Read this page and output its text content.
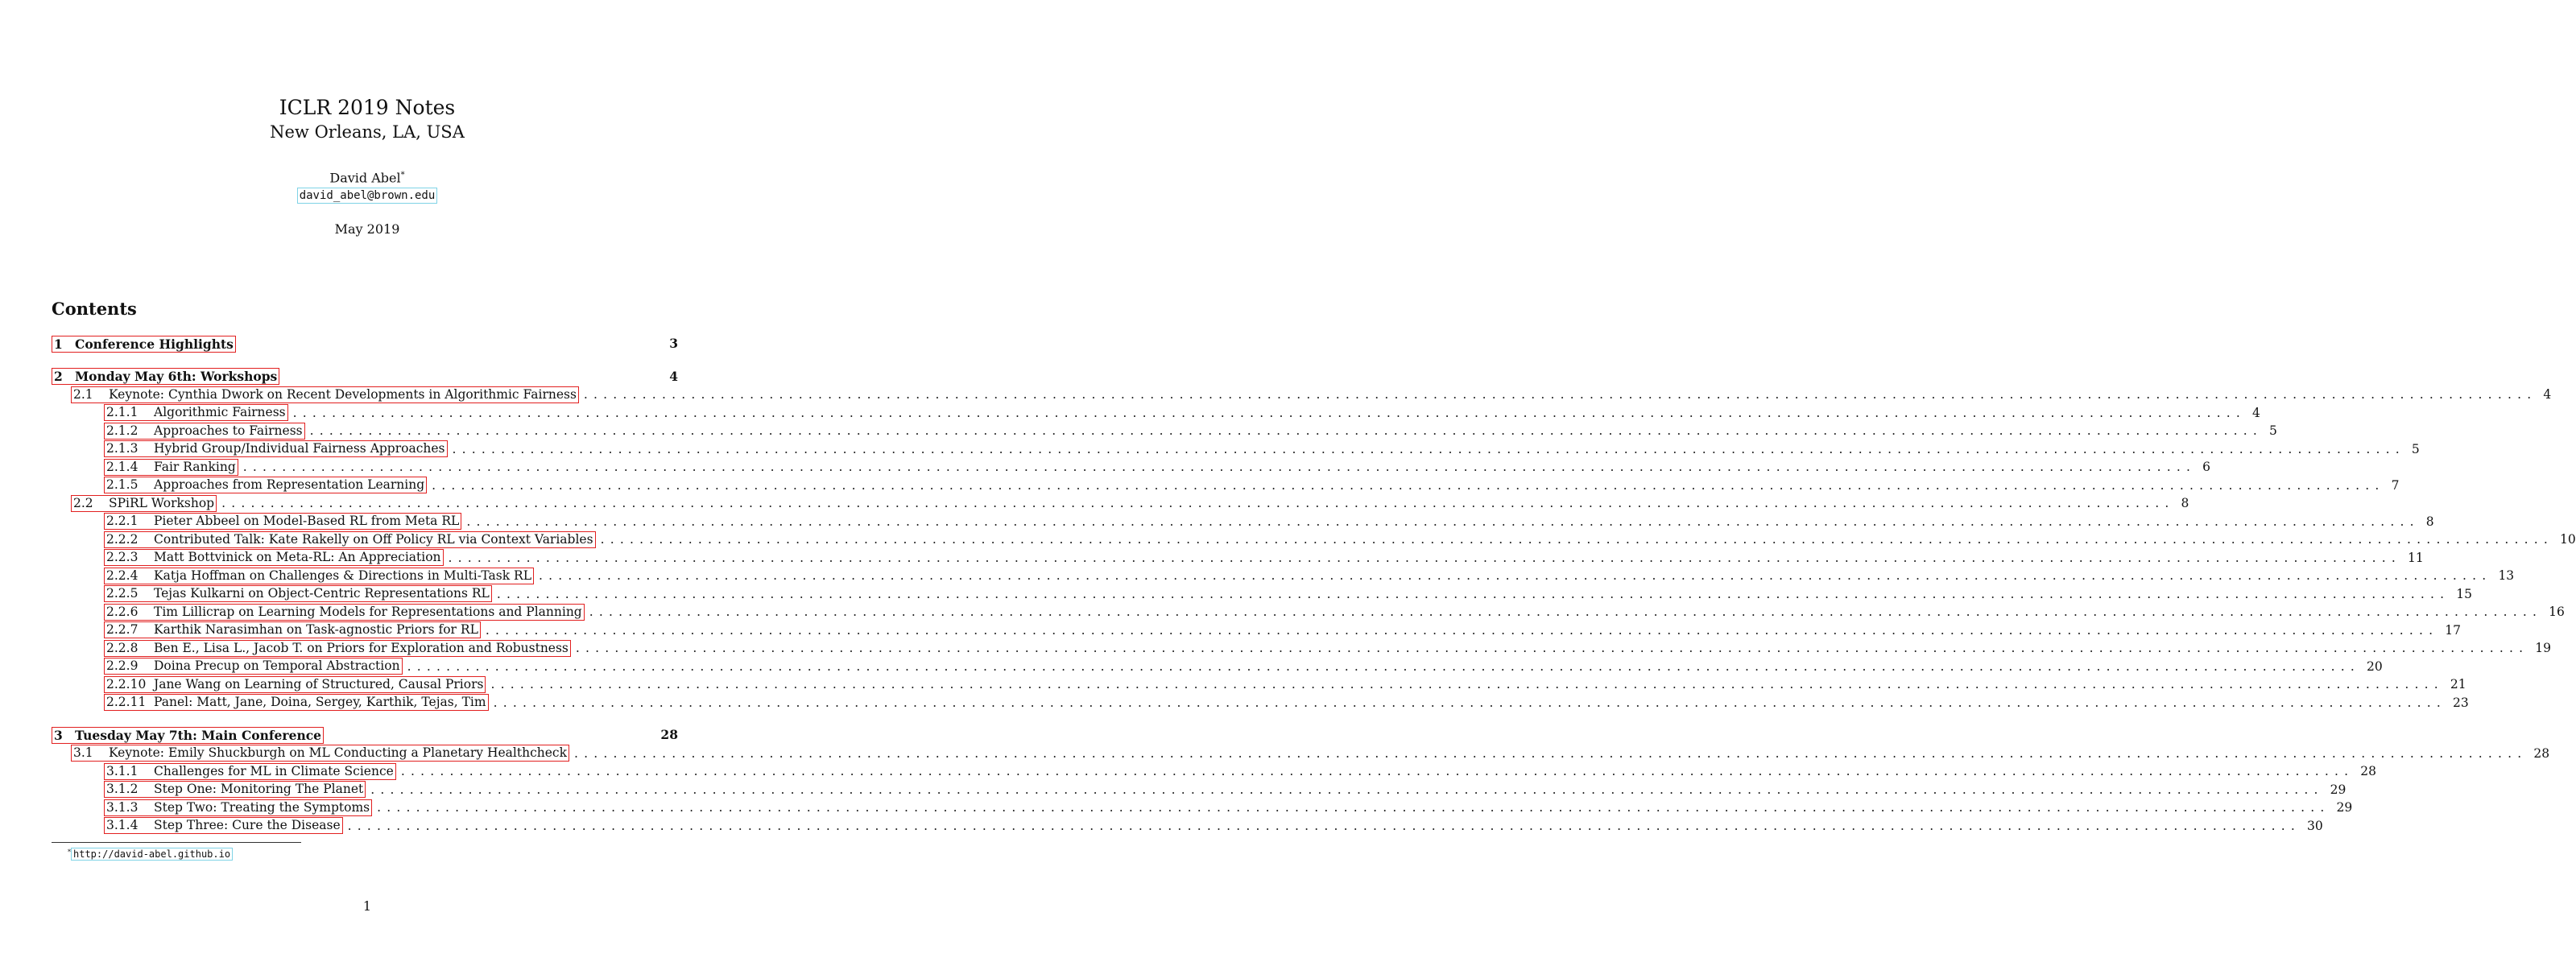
ICLR 2019 Notes
New Orleans, LA, USA
David Abel*
david_abel@brown.edu
May 2019
Contents
1 Conference Highlights	3
2 Monday May 6th: Workshops	4
2.1	Keynote: Cynthia Dwork on Recent Developments in Algorithmic Fairness ........................................................................................................................................................................................................ 4
2.1.1	Algorithmic Fairness ........................................................................................................................................................................................................ 4
2.1.2	Approaches to Fairness ........................................................................................................................................................................................................ 5
2.1.3	Hybrid Group/Individual Fairness Approaches ........................................................................................................................................................................................................ 5
2.1.4	Fair Ranking ........................................................................................................................................................................................................ 6
2.1.5	Approaches from Representation Learning ........................................................................................................................................................................................................ 7
2.2	SPiRL Workshop ........................................................................................................................................................................................................ 8
2.2.1	Pieter Abbeel on Model-Based RL from Meta RL ........................................................................................................................................................................................................ 8
2.2.2	Contributed Talk: Kate Rakelly on Off Policy RL via Context Variables ........................................................................................................................................................................................................ 10
2.2.3	Matt Bottvinick on Meta-RL: An Appreciation ........................................................................................................................................................................................................ 11
2.2.4	Katja Hoffman on Challenges & Directions in Multi-Task RL ........................................................................................................................................................................................................ 13
2.2.5	Tejas Kulkarni on Object-Centric Representations RL ........................................................................................................................................................................................................ 15
2.2.6	Tim Lillicrap on Learning Models for Representations and Planning ........................................................................................................................................................................................................ 16
2.2.7	Karthik Narasimhan on Task-agnostic Priors for RL ........................................................................................................................................................................................................ 17
2.2.8	Ben E., Lisa L., Jacob T. on Priors for Exploration and Robustness ........................................................................................................................................................................................................ 19
2.2.9	Doina Precup on Temporal Abstraction ........................................................................................................................................................................................................ 20
2.2.10 Jane Wang on Learning of Structured, Causal Priors ........................................................................................................................................................................................................ 21
2.2.11 Panel: Matt, Jane, Doina, Sergey, Karthik, Tejas, Tim ........................................................................................................................................................................................................ 23
3 Tuesday May 7th: Main Conference	28
3.1	Keynote: Emily Shuckburgh on ML Conducting a Planetary Healthcheck ........................................................................................................................................................................................................ 28
3.1.1	Challenges for ML in Climate Science ........................................................................................................................................................................................................ 28
3.1.2	Step One: Monitoring The Planet ........................................................................................................................................................................................................ 29
3.1.3	Step Two: Treating the Symptoms ........................................................................................................................................................................................................ 29
3.1.4	Step Three: Cure the Disease ........................................................................................................................................................................................................ 30
* http://david-abel.github.io
1
